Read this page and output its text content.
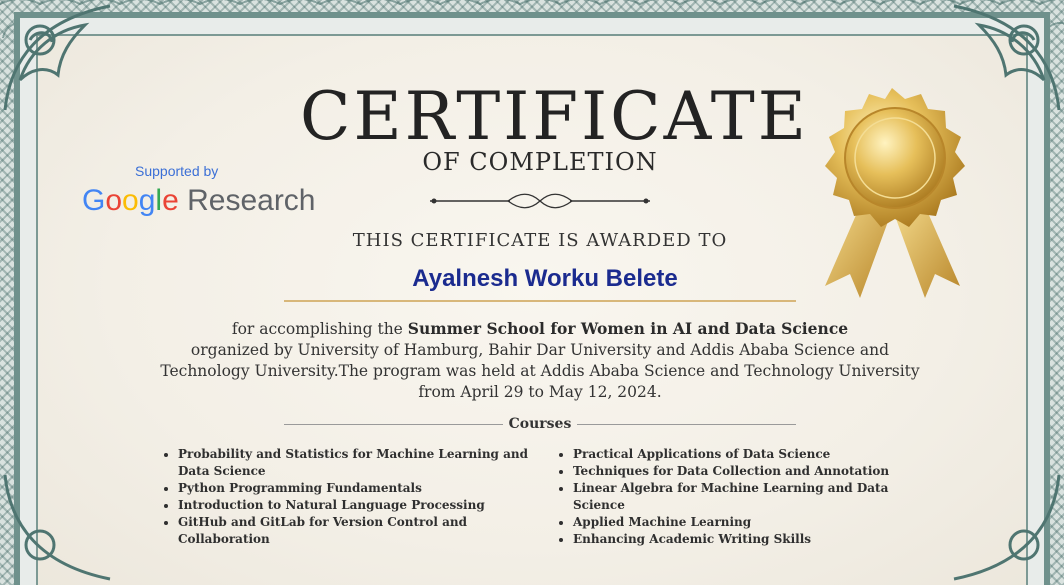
Supported by
Google Research
CERTIFICATE
OF COMPLETION
THIS CERTIFICATE IS AWARDED TO
Ayalnesh Worku Belete
for accomplishing the Summer School for Women in AI and Data Science
organized by University of Hamburg, Bahir Dar University and Addis Ababa Science and Technology University.The program was held at Addis Ababa Science and Technology University from April 29 to May 12, 2024.
Courses
• Probability and Statistics for Machine Learning and Data Science
• Python Programming Fundamentals
• Introduction to Natural Language Processing
• GitHub and GitLab for Version Control and Collaboration
• Practical Applications of Data Science
• Techniques for Data Collection and Annotation
• Linear Algebra for Machine Learning and Data Science
• Applied Machine Learning
• Enhancing Academic Writing Skills
